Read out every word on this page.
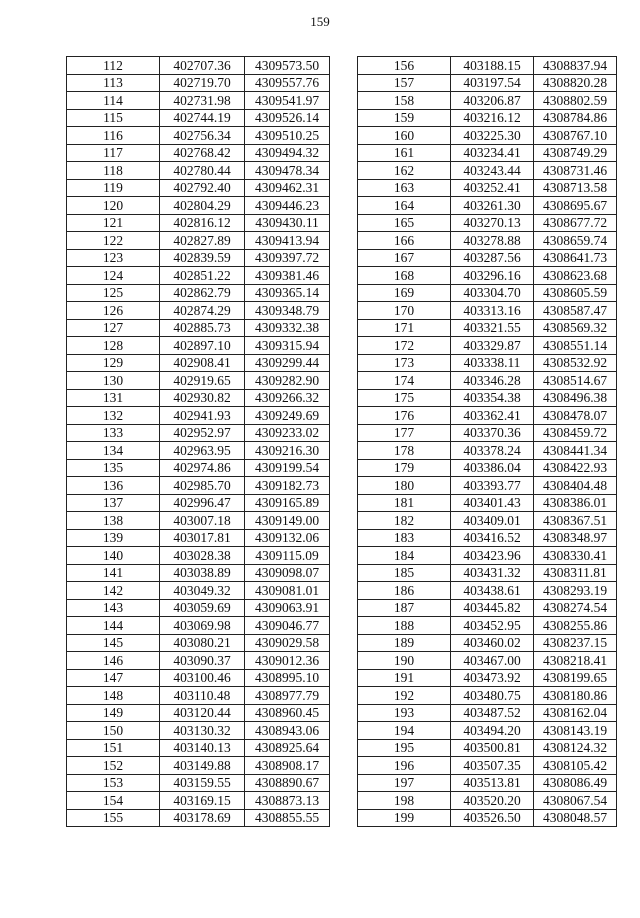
159
112	402707.36	4309573.50
113	402719.70	4309557.76
114	402731.98	4309541.97
115	402744.19	4309526.14
116	402756.34	4309510.25
117	402768.42	4309494.32
118	402780.44	4309478.34
119	402792.40	4309462.31
120	402804.29	4309446.23
121	402816.12	4309430.11
122	402827.89	4309413.94
123	402839.59	4309397.72
124	402851.22	4309381.46
125	402862.79	4309365.14
126	402874.29	4309348.79
127	402885.73	4309332.38
128	402897.10	4309315.94
129	402908.41	4309299.44
130	402919.65	4309282.90
131	402930.82	4309266.32
132	402941.93	4309249.69
133	402952.97	4309233.02
134	402963.95	4309216.30
135	402974.86	4309199.54
136	402985.70	4309182.73
137	402996.47	4309165.89
138	403007.18	4309149.00
139	403017.81	4309132.06
140	403028.38	4309115.09
141	403038.89	4309098.07
142	403049.32	4309081.01
143	403059.69	4309063.91
144	403069.98	4309046.77
145	403080.21	4309029.58
146	403090.37	4309012.36
147	403100.46	4308995.10
148	403110.48	4308977.79
149	403120.44	4308960.45
150	403130.32	4308943.06
151	403140.13	4308925.64
152	403149.88	4308908.17
153	403159.55	4308890.67
154	403169.15	4308873.13
155	403178.69	4308855.55
156	403188.15	4308837.94
157	403197.54	4308820.28
158	403206.87	4308802.59
159	403216.12	4308784.86
160	403225.30	4308767.10
161	403234.41	4308749.29
162	403243.44	4308731.46
163	403252.41	4308713.58
164	403261.30	4308695.67
165	403270.13	4308677.72
166	403278.88	4308659.74
167	403287.56	4308641.73
168	403296.16	4308623.68
169	403304.70	4308605.59
170	403313.16	4308587.47
171	403321.55	4308569.32
172	403329.87	4308551.14
173	403338.11	4308532.92
174	403346.28	4308514.67
175	403354.38	4308496.38
176	403362.41	4308478.07
177	403370.36	4308459.72
178	403378.24	4308441.34
179	403386.04	4308422.93
180	403393.77	4308404.48
181	403401.43	4308386.01
182	403409.01	4308367.51
183	403416.52	4308348.97
184	403423.96	4308330.41
185	403431.32	4308311.81
186	403438.61	4308293.19
187	403445.82	4308274.54
188	403452.95	4308255.86
189	403460.02	4308237.15
190	403467.00	4308218.41
191	403473.92	4308199.65
192	403480.75	4308180.86
193	403487.52	4308162.04
194	403494.20	4308143.19
195	403500.81	4308124.32
196	403507.35	4308105.42
197	403513.81	4308086.49
198	403520.20	4308067.54
199	403526.50	4308048.57
